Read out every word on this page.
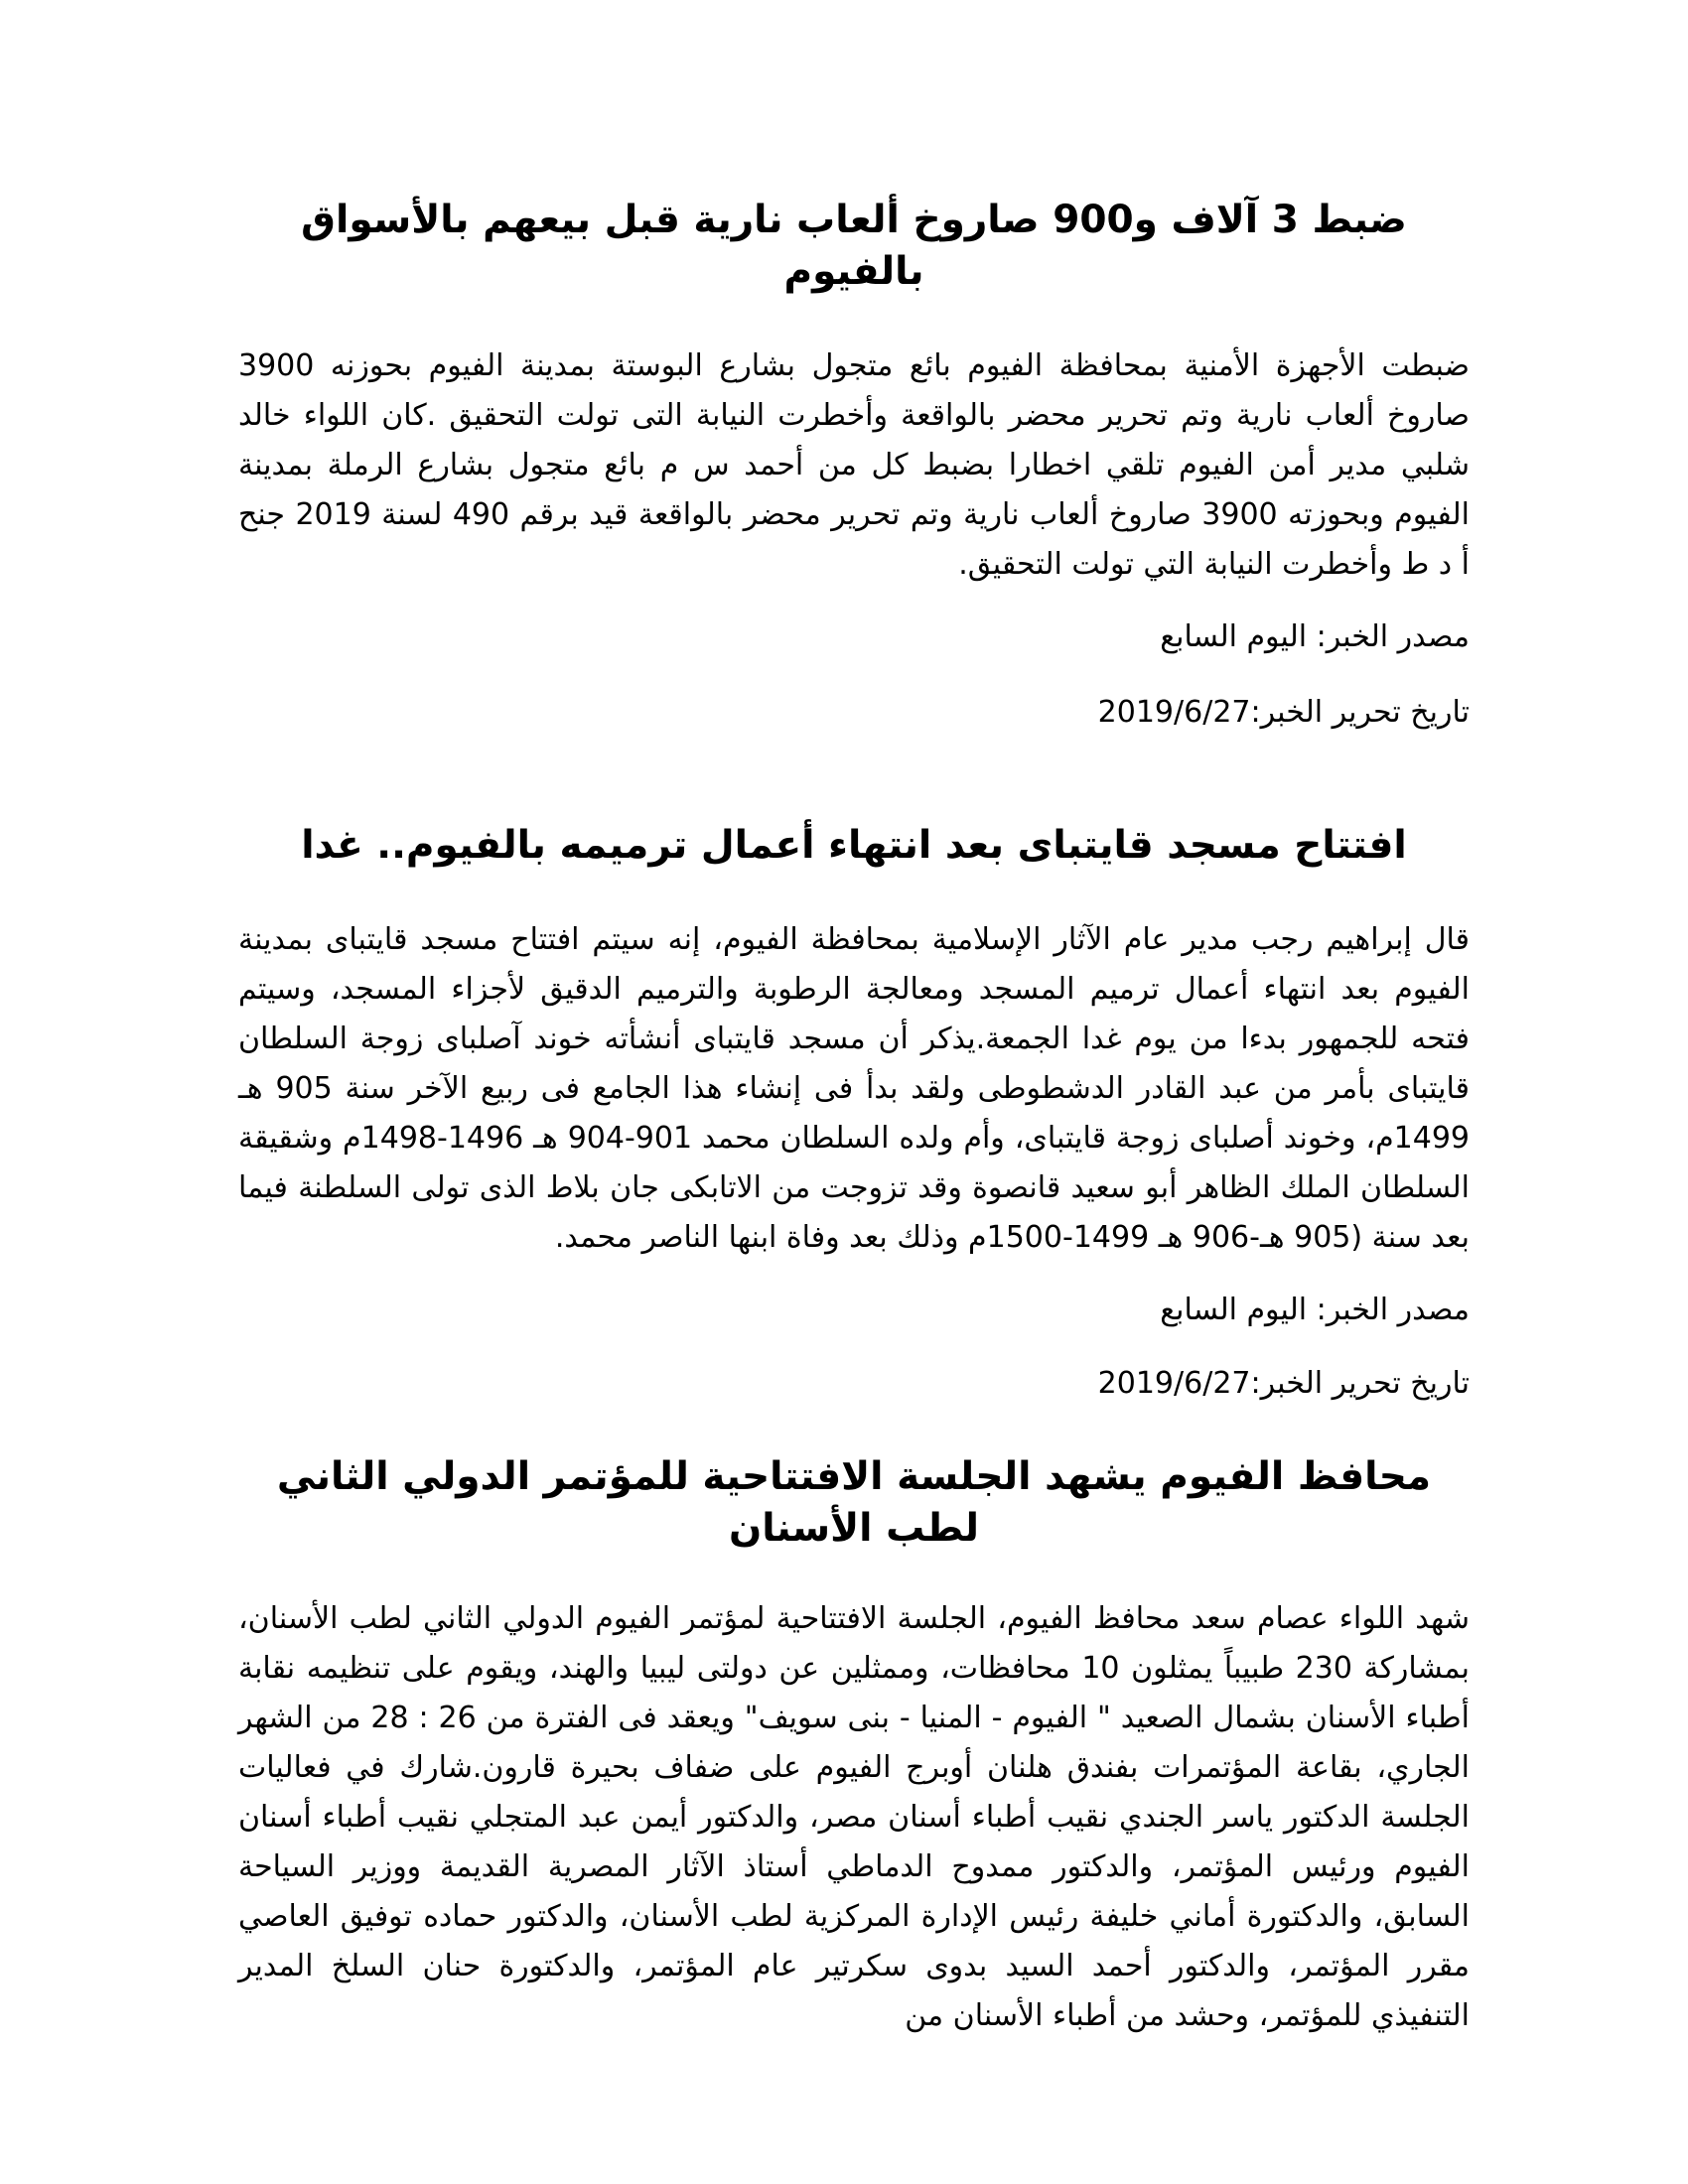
ضبط 3 آلاف و900 صاروخ ألعاب نارية قبل بيعهم بالأسواق بالفيوم

ضبطت الأجهزة الأمنية بمحافظة الفيوم بائع متجول بشارع البوستة بمدينة الفيوم بحوزنه 3900 صاروخ ألعاب نارية وتم تحرير محضر بالواقعة وأخطرت النيابة التى تولت التحقيق .كان اللواء خالد شلبي مدير أمن الفيوم تلقي اخطارا بضبط كل من أحمد س م بائع متجول بشارع الرملة بمدينة الفيوم وبحوزته 3900 صاروخ ألعاب نارية وتم تحرير محضر بالواقعة قيد برقم 490 لسنة 2019 جنح أ د ط وأخطرت النيابة التي تولت التحقيق.

مصدر الخبر: اليوم السابع

تاريخ تحرير الخبر:2019/6/27

افتتاح مسجد قايتباى بعد انتهاء أعمال ترميمه بالفيوم.. غدا

قال إبراهيم رجب مدير عام الآثار الإسلامية بمحافظة الفيوم، إنه سيتم افتتاح مسجد قايتباى بمدينة الفيوم بعد انتهاء أعمال ترميم المسجد ومعالجة الرطوبة والترميم الدقيق لأجزاء المسجد، وسيتم فتحه للجمهور بدءا من يوم غدا الجمعة.يذكر أن مسجد قايتباى أنشأته خوند آصلباى زوجة السلطان قايتباى بأمر من عبد القادر الدشطوطى ولقد بدأ فى إنشاء هذا الجامع فى ربيع الآخر سنة 905 هـ 1499م، وخوند أصلباى زوجة قايتباى، وأم ولده السلطان محمد 901-904 هـ 1496-1498م وشقيقة السلطان الملك الظاهر أبو سعيد قانصوة وقد تزوجت من الاتابكى جان بلاط الذى تولى السلطنة فيما بعد سنة (905 هـ-906 هـ 1499-1500م وذلك بعد وفاة ابنها الناصر محمد.

مصدر الخبر: اليوم السابع

تاريخ تحرير الخبر:2019/6/27

محافظ الفيوم يشهد الجلسة الافتتاحية للمؤتمر الدولي الثاني لطب الأسنان

شهد اللواء عصام سعد محافظ الفيوم، الجلسة الافتتاحية لمؤتمر الفيوم الدولي الثاني لطب الأسنان، بمشاركة 230 طبيباً يمثلون 10 محافظات، وممثلين عن دولتى ليبيا والهند، ويقوم على تنظيمه نقابة أطباء الأسنان بشمال الصعيد " الفيوم - المنيا - بنى سويف" ويعقد فى الفترة من 26 : 28 من الشهر الجاري، بقاعة المؤتمرات بفندق هلنان أوبرج الفيوم على ضفاف بحيرة قارون.شارك في فعاليات الجلسة الدكتور ياسر الجندي نقيب أطباء أسنان مصر، والدكتور أيمن عبد المتجلي نقيب أطباء أسنان الفيوم ورئيس المؤتمر، والدكتور ممدوح الدماطي أستاذ الآثار المصرية القديمة ووزير السياحة السابق، والدكتورة أماني خليفة رئيس الإدارة المركزية لطب الأسنان، والدكتور حماده توفيق العاصي مقرر المؤتمر، والدكتور أحمد السيد بدوى سكرتير عام المؤتمر، والدكتورة حنان السلخ المدير التنفيذي للمؤتمر، وحشد من أطباء الأسنان من
